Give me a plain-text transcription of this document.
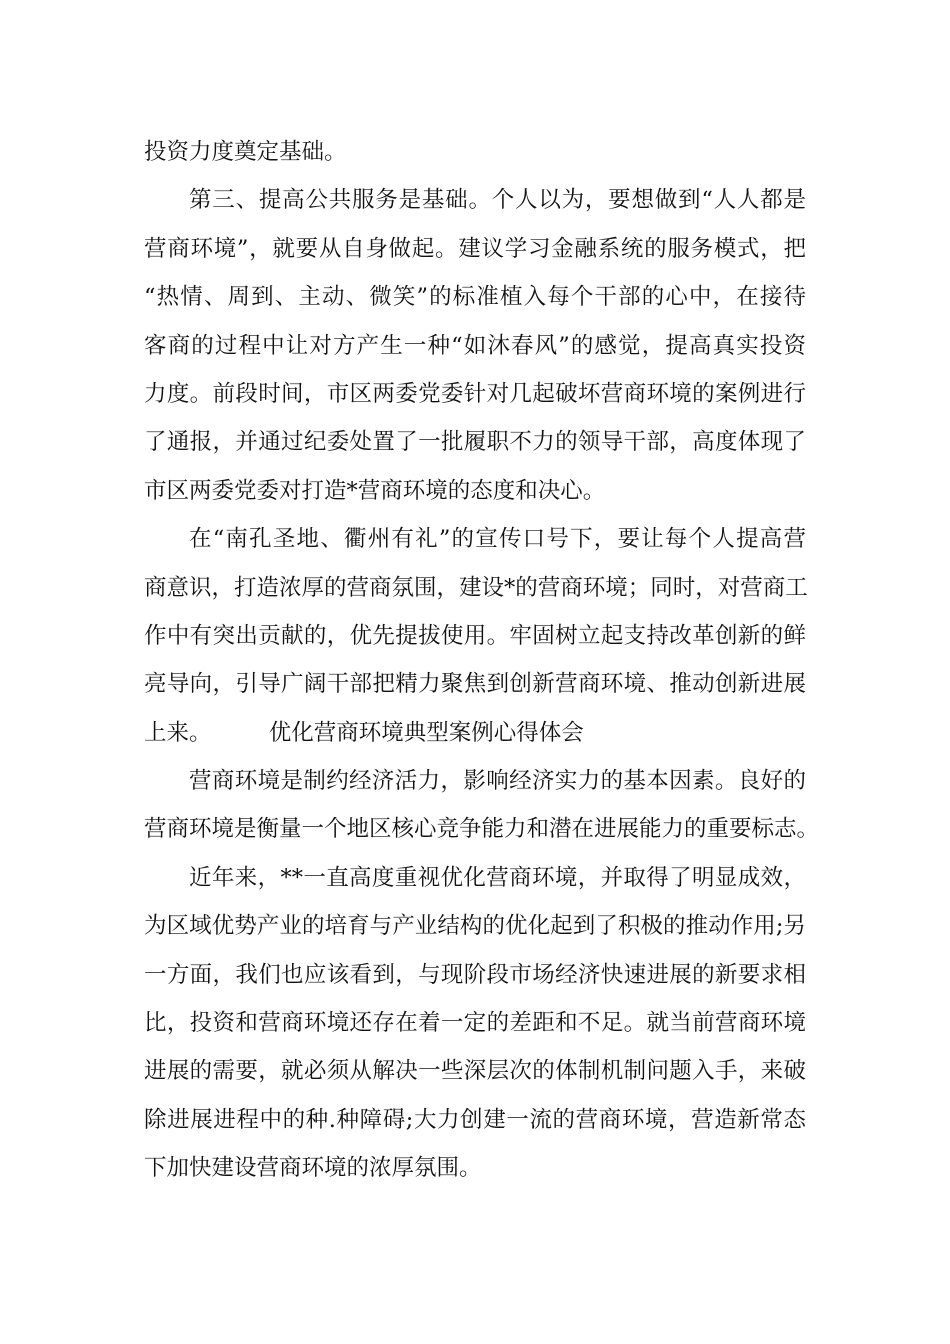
投资力度奠定基础。
第三、提高公共服务是基础。个人以为，要想做到“人人都是
营商环境”，就要从自身做起。建议学习金融系统的服务模式，把
“热情、周到、主动、微笑”的标准植入每个干部的心中，在接待
客商的过程中让对方产生一种“如沐春风”的感觉，提高真实投资
力度。前段时间，市区两委党委针对几起破坏营商环境的案例进行
了通报，并通过纪委处置了一批履职不力的领导干部，高度体现了
市区两委党委对打造*营商环境的态度和决心。
在“南孔圣地、衢州有礼”的宣传口号下，要让每个人提高营
商意识，打造浓厚的营商氛围，建设*的营商环境；同时，对营商工
作中有突出贡献的，优先提拔使用。牢固树立起支持改革创新的鲜
亮导向，引导广阔干部把精力聚焦到创新营商环境、推动创新进展
上来。        优化营商环境典型案例心得体会
营商环境是制约经济活力，影响经济实力的基本因素。良好的
营商环境是衡量一个地区核心竞争能力和潜在进展能力的重要标志。
近年来，**一直高度重视优化营商环境，并取得了明显成效，
为区域优势产业的培育与产业结构的优化起到了积极的推动作用;另
一方面，我们也应该看到，与现阶段市场经济快速进展的新要求相
比，投资和营商环境还存在着一定的差距和不足。就当前营商环境
进展的需要，就必须从解决一些深层次的体制机制问题入手，来破
除进展进程中的种.种障碍;大力创建一流的营商环境，营造新常态
下加快建设营商环境的浓厚氛围。
